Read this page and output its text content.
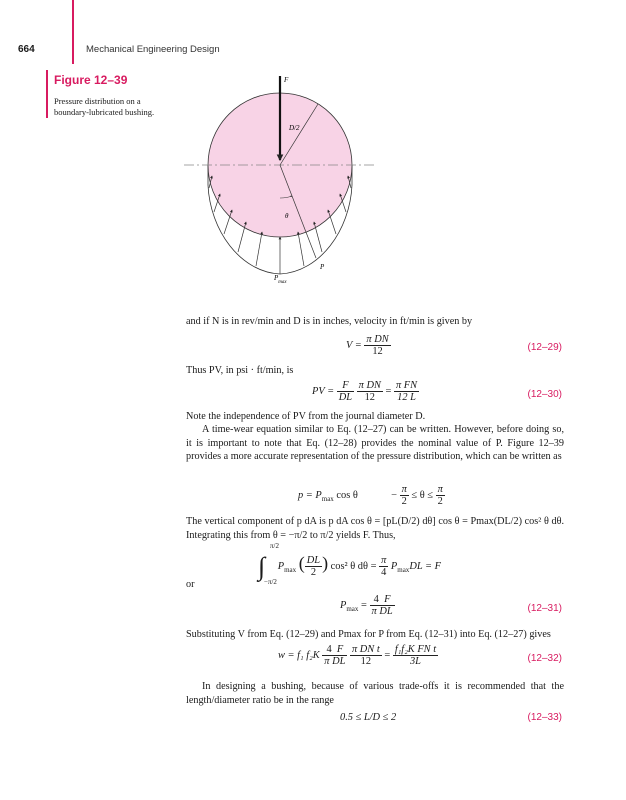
664	Mechanical Engineering Design
Figure 12–39
Pressure distribution on a boundary-lubricated bushing.
F
D/2
θ
P
$P_{max}$
and if N is in rev/min and D is in inches, velocity in ft/min is given by
$V = \frac{\text{π DN}}{12}$	(12–29)
Thus PV, in psi · ft/min, is
PV = $\frac{F}{DL}$
$\frac{\text{π DN}}{12} = \frac{\text{π FN}}{12 L}$	(12–30)
Note the independence of PV from the journal diameter D.
A time-wear equation similar to Eq. (12–27) can be written. However, before doing so, it is important to note that Eq. (12–28) provides the nominal value of P. Figure 12–39 provides a more accurate representation of the pressure distribution, which can be written as
$p = P_{max}$ cos θ	− $\frac{\pi}{2} \le \theta \le \frac{\pi}{2}$
The vertical component of p dA is p dA cos θ = [pL(D/2) dθ] cos θ = Pmax(DL/2) cos² θ dθ. Integrating this from θ = −π/2 to π/2 yields F. Thus,
∫
π/2
−π/2
$P_{max}$ ( $\frac{DL}{2}$ ) cos² θ $d\theta = \frac{\pi}{4} P_{max}DL = F$
or
$P_{max} = \frac{4 F}{\text{π DL}}$	(12–31)
Substituting V from Eq. (12–29) and Pmax for P from Eq. (12–31) into Eq. (12–27) gives
w = f₁ $f_2K \frac{4 F}{\text{π DL}}$
$\frac{\text{π DN t}}{12} = \frac{\text{f₁f₂K FN t}}{3L}$	(12–32)
In designing a bushing, because of various trade-offs it is recommended that the length/diameter ratio be in the range
0.5 ≤ L/D ≤ 2	(12–33)
